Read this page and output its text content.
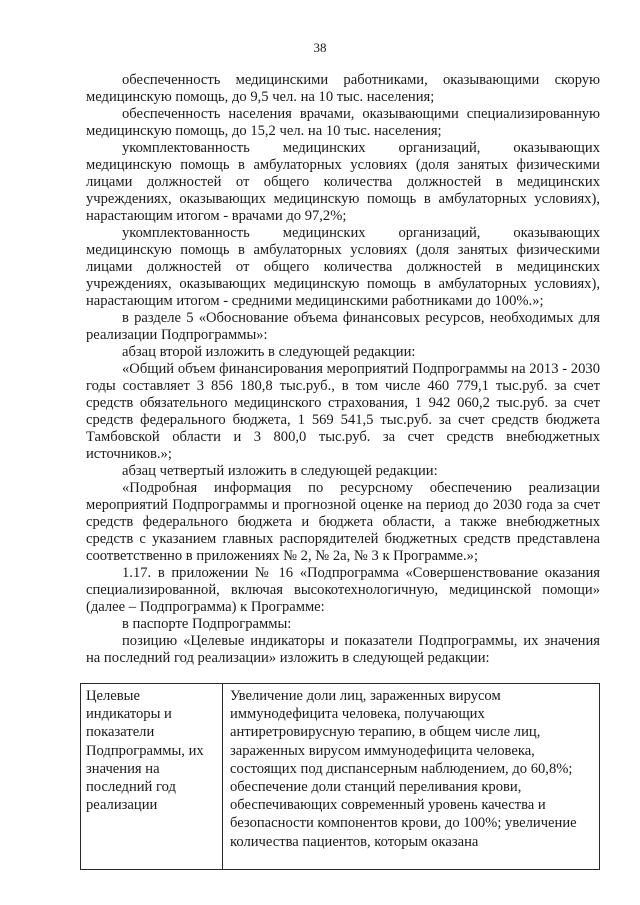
38

обеспеченность медицинскими работниками, оказывающими скорую медицинскую помощь, до 9,5 чел. на 10 тыс. населения;

обеспеченность населения врачами, оказывающими специализированную медицинскую помощь, до 15,2 чел. на 10 тыс. населения;

укомплектованность медицинских организаций, оказывающих медицинскую помощь в амбулаторных условиях (доля занятых физическими лицами должностей от общего количества должностей в медицинских учреждениях, оказывающих медицинскую помощь в амбулаторных условиях), нарастающим итогом - врачами до 97,2%;

укомплектованность медицинских организаций, оказывающих медицинскую помощь в амбулаторных условиях (доля занятых физическими лицами должностей от общего количества должностей в медицинских учреждениях, оказывающих медицинскую помощь в амбулаторных условиях), нарастающим итогом - средними медицинскими работниками до 100%.»;

в разделе 5 «Обоснование объема финансовых ресурсов, необходимых для реализации Подпрограммы»:

абзац второй изложить в следующей редакции:

«Общий объем финансирования мероприятий Подпрограммы на 2013 - 2030 годы составляет 3 856 180,8 тыс.руб., в том числе 460 779,1 тыс.руб. за счет средств обязательного медицинского страхования, 1 942 060,2 тыс.руб. за счет средств федерального бюджета, 1 569 541,5 тыс.руб. за счет средств бюджета Тамбовской области и 3 800,0 тыс.руб. за счет средств внебюджетных источников.»;

абзац четвертый изложить в следующей редакции:

«Подробная информация по ресурсному обеспечению реализации мероприятий Подпрограммы и прогнозной оценке на период до 2030 года за счет средств федерального бюджета и бюджета области, а также внебюджетных средств с указанием главных распорядителей бюджетных средств представлена соответственно в приложениях № 2, № 2а, № 3 к Программе.»;

1.17. в приложении № 16 «Подпрограмма «Совершенствование оказания специализированной, включая высокотехнологичную, медицинской помощи» (далее – Подпрограмма) к Программе:

в паспорте Подпрограммы:

позицию «Целевые индикаторы и показатели Подпрограммы, их значения на последний год реализации» изложить в следующей редакции:

Целевые индикаторы и показатели Подпрограммы, их значения на последний год реализации	Увеличение доли лиц, зараженных вирусом иммунодефицита человека, получающих антиретровирусную терапию, в общем числе лиц, зараженных вирусом иммунодефицита человека, состоящих под диспансерным наблюдением, до 60,8%; обеспечение доли станций переливания крови, обеспечивающих современный уровень качества и безопасности компонентов крови, до 100%; увеличение количества пациентов, которым оказана
